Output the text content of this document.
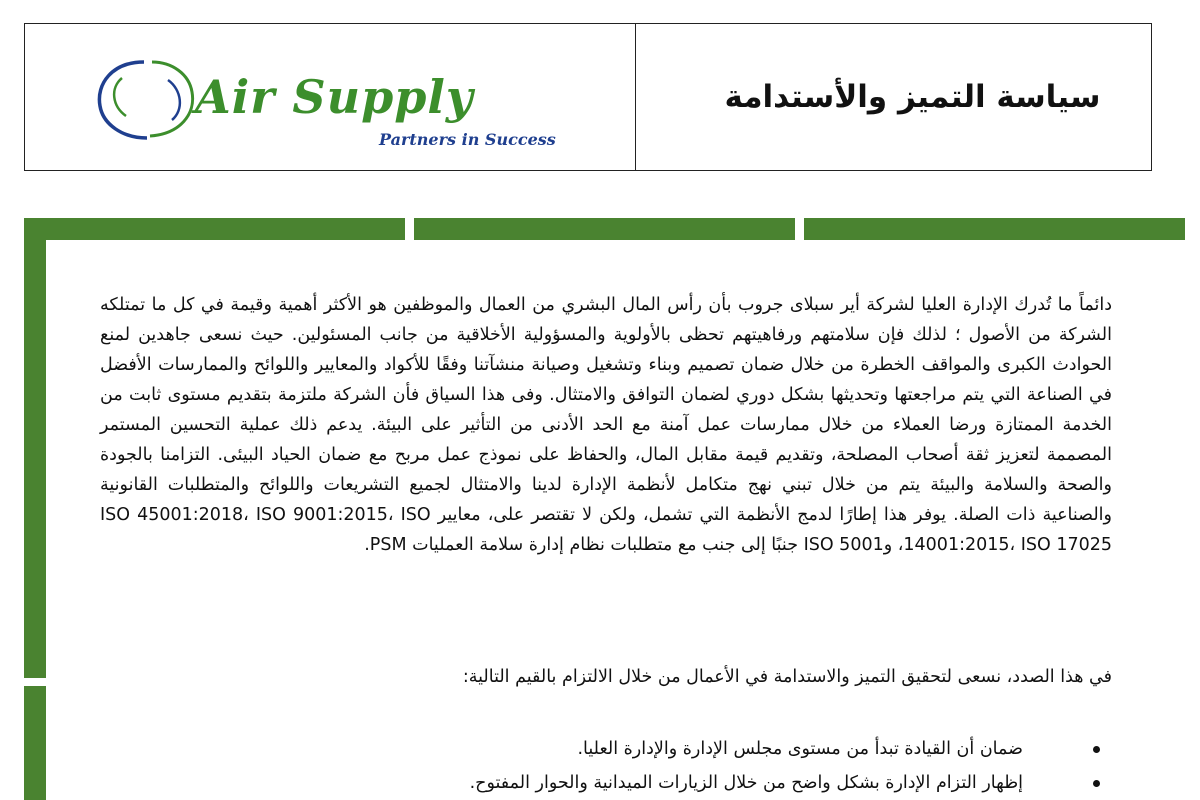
Air Supply
Partners in Success
سياسة التميز والأستدامة

دائماً ما تُدرك الإدارة العليا لشركة أير سبلاى جروب بأن رأس المال البشري من العمال والموظفين هو الأكثر أهمية وقيمة في كل ما تمتلكه الشركة من الأصول ؛ لذلك فإن سلامتهم ورفاهيتهم تحظى بالأولوية والمسؤولية الأخلاقية من جانب المسئولين. حيث نسعى جاهدين لمنع الحوادث الكبرى والمواقف الخطرة من خلال ضمان تصميم وبناء وتشغيل وصيانة منشآتنا وفقًا للأكواد والمعايير واللوائح والممارسات الأفضل في الصناعة التي يتم مراجعتها وتحديثها بشكل دوري لضمان التوافق والامتثال. وفى هذا السياق فأن الشركة ملتزمة بتقديم مستوى ثابت من الخدمة الممتازة ورضا العملاء من خلال ممارسات عمل آمنة مع الحد الأدنى من التأثير على البيئة. يدعم ذلك عملية التحسين المستمر المصممة لتعزيز ثقة أصحاب المصلحة، وتقديم قيمة مقابل المال، والحفاظ على نموذج عمل مربح مع ضمان الحياد البيئى. التزامنا بالجودة والصحة والسلامة والبيئة يتم من خلال تبني نهج متكامل لأنظمة الإدارة لدينا والامتثال لجميع التشريعات واللوائح والمتطلبات القانونية والصناعية ذات الصلة. يوفر هذا إطارًا لدمج الأنظمة التي تشمل، ولكن لا تقتصر على، معايير ISO 45001:2018، ISO 9001:2015، ISO 14001:2015، ISO 17025، وISO 5001 جنبًا إلى جنب مع متطلبات نظام إدارة سلامة العمليات PSM.

في هذا الصدد، نسعى لتحقيق التميز والاستدامة في الأعمال من خلال الالتزام بالقيم التالية:
ضمان أن القيادة تبدأ من مستوى مجلس الإدارة والإدارة العليا.
إظهار التزام الإدارة بشكل واضح من خلال الزيارات الميدانية والحوار المفتوح.
